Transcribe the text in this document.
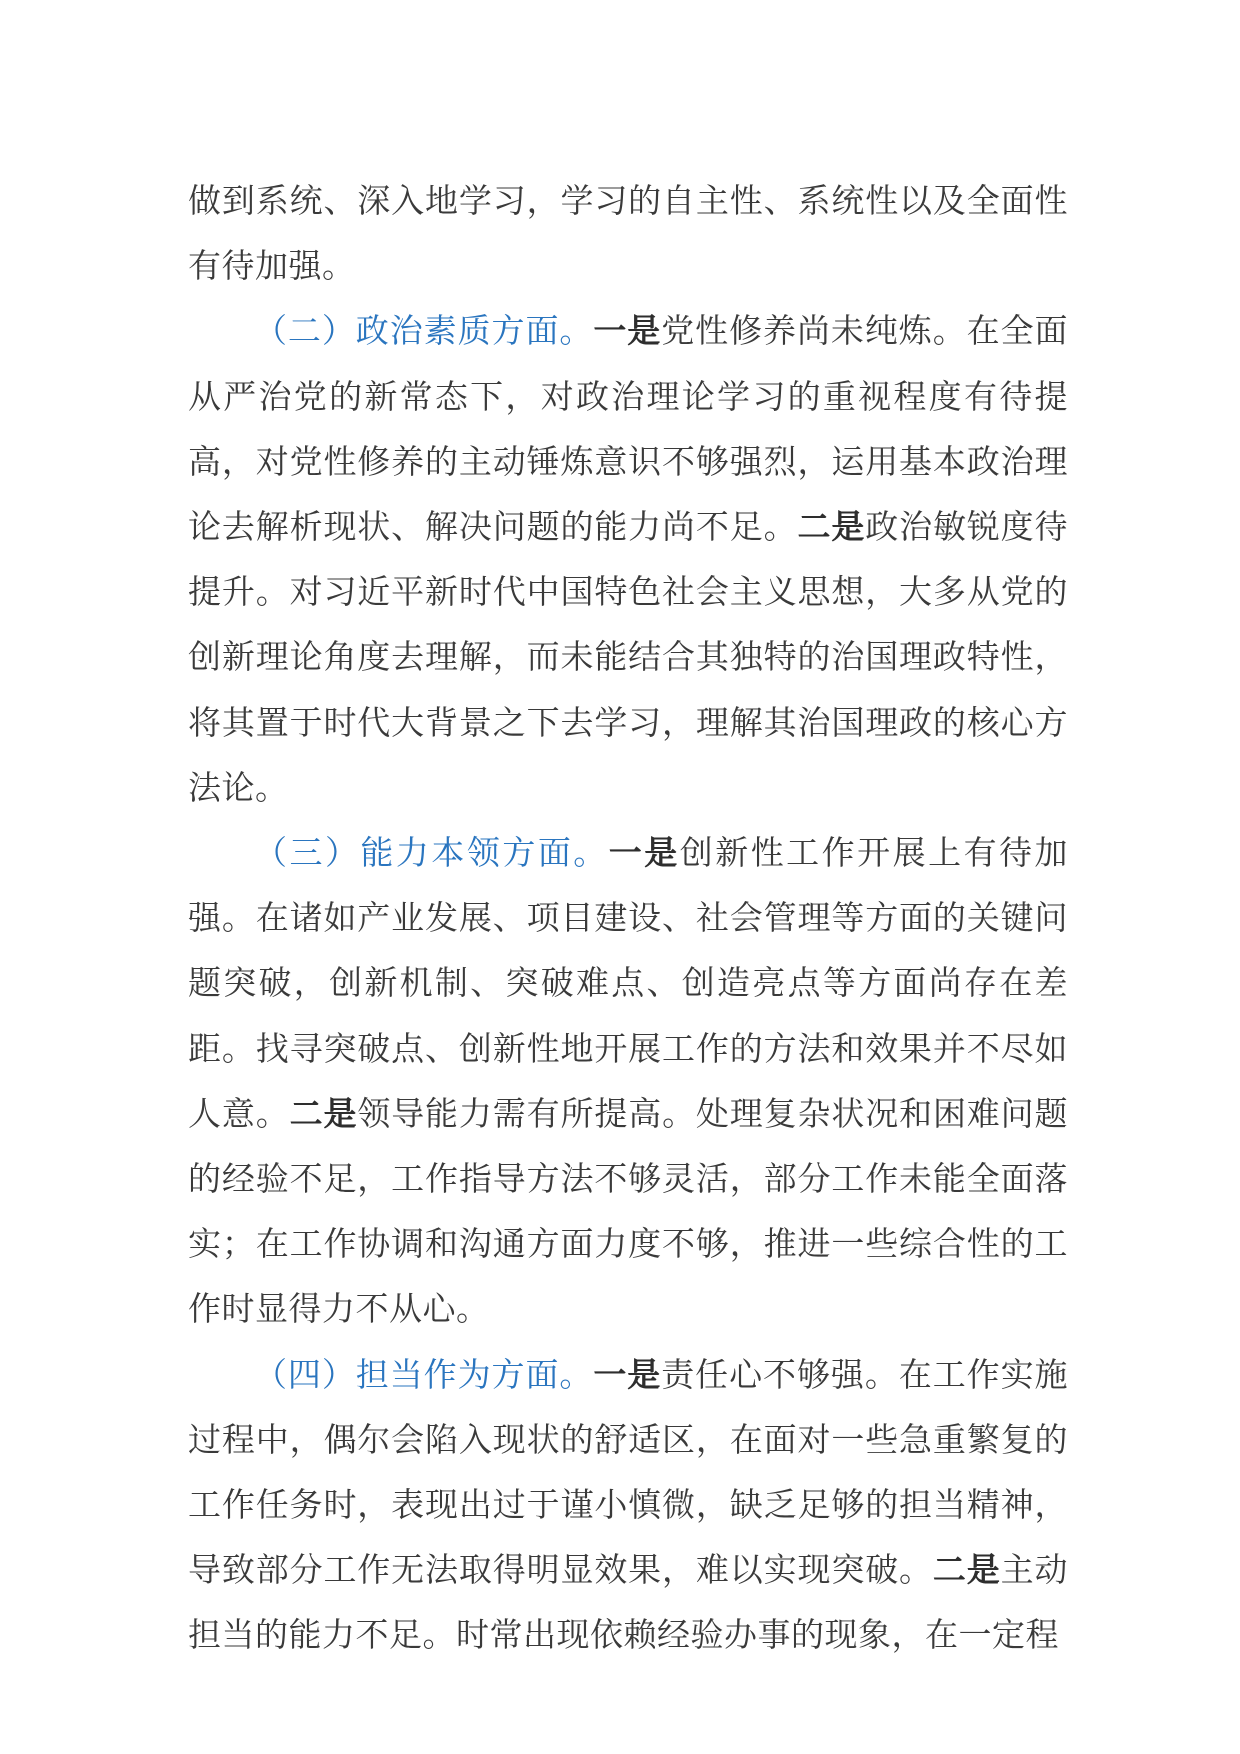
做到系统、深入地学习，学习的自主性、系统性以及全面性有待加强。

（二）政治素质方面。一是党性修养尚未纯炼。在全面从严治党的新常态下，对政治理论学习的重视程度有待提高，对党性修养的主动锤炼意识不够强烈，运用基本政治理论去解析现状、解决问题的能力尚不足。二是政治敏锐度待提升。对习近平新时代中国特色社会主义思想，大多从党的创新理论角度去理解，而未能结合其独特的治国理政特性，将其置于时代大背景之下去学习，理解其治国理政的核心方法论。

（三）能力本领方面。一是创新性工作开展上有待加强。在诸如产业发展、项目建设、社会管理等方面的关键问题突破，创新机制、突破难点、创造亮点等方面尚存在差距。找寻突破点、创新性地开展工作的方法和效果并不尽如人意。二是领导能力需有所提高。处理复杂状况和困难问题的经验不足，工作指导方法不够灵活，部分工作未能全面落实；在工作协调和沟通方面力度不够，推进一些综合性的工作时显得力不从心。

（四）担当作为方面。一是责任心不够强。在工作实施过程中，偶尔会陷入现状的舒适区，在面对一些急重繁复的工作任务时，表现出过于谨小慎微，缺乏足够的担当精神，导致部分工作无法取得明显效果，难以实现突破。二是主动担当的能力不足。时常出现依赖经验办事的现象，在一定程
